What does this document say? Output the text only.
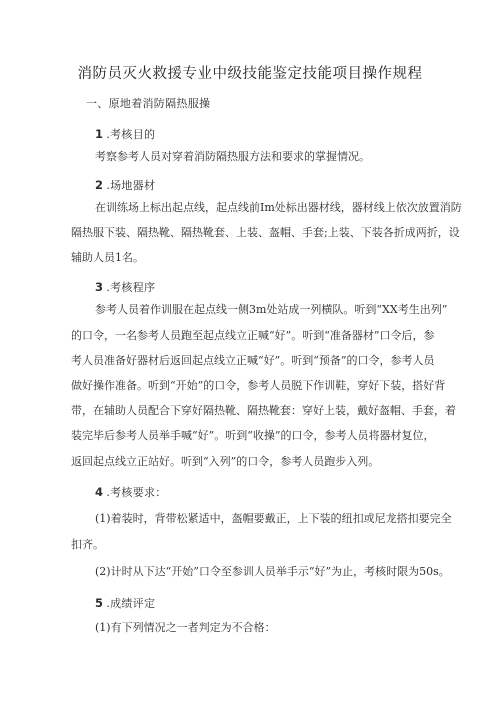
消防员灭火救援专业中级技能鉴定技能项目操作规程
一、原地着消防隔热服操
1 .考核目的
考察参考人员对穿着消防隔热服方法和要求的掌握情况。
2 .场地器材
在训练场上标出起点线，起点线前Im处标出器材线，器材线上依次放置消防
隔热服下装、隔热靴、隔热靴套、上装、盔帽、手套;上装、下装各折成两折，设
辅助人员1名。
3 .考核程序
参考人员着作训服在起点线一侧3m处站成一列横队。听到“XX考生出列”
的口令，一名参考人员跑至起点线立正喊“好”。听到“准备器材”口令后，参
考人员准备好器材后返回起点线立正喊“好”。听到“预备”的口令，参考人员
做好操作准备。听到“开始”的口令，参考人员脱下作训鞋，穿好下装，搭好背
带，在辅助人员配合下穿好隔热靴、隔热靴套：穿好上装，戴好盔帽、手套，着
装完毕后参考人员举手喊“好”。听到“收操”的口令，参考人员将器材复位，
返回起点线立正站好。听到“入列”的口令，参考人员跑步入列。
4 .考核要求：
(1)着装时，背带松紧适中，盔帽要戴正，上下装的纽扣或尼龙搭扣要完全
扣齐。
(2)计时从下达“开始”口令至参训人员举手示“好”为止，考核时限为50s。
5 .成绩评定
(1)有下列情况之一者判定为不合格：
